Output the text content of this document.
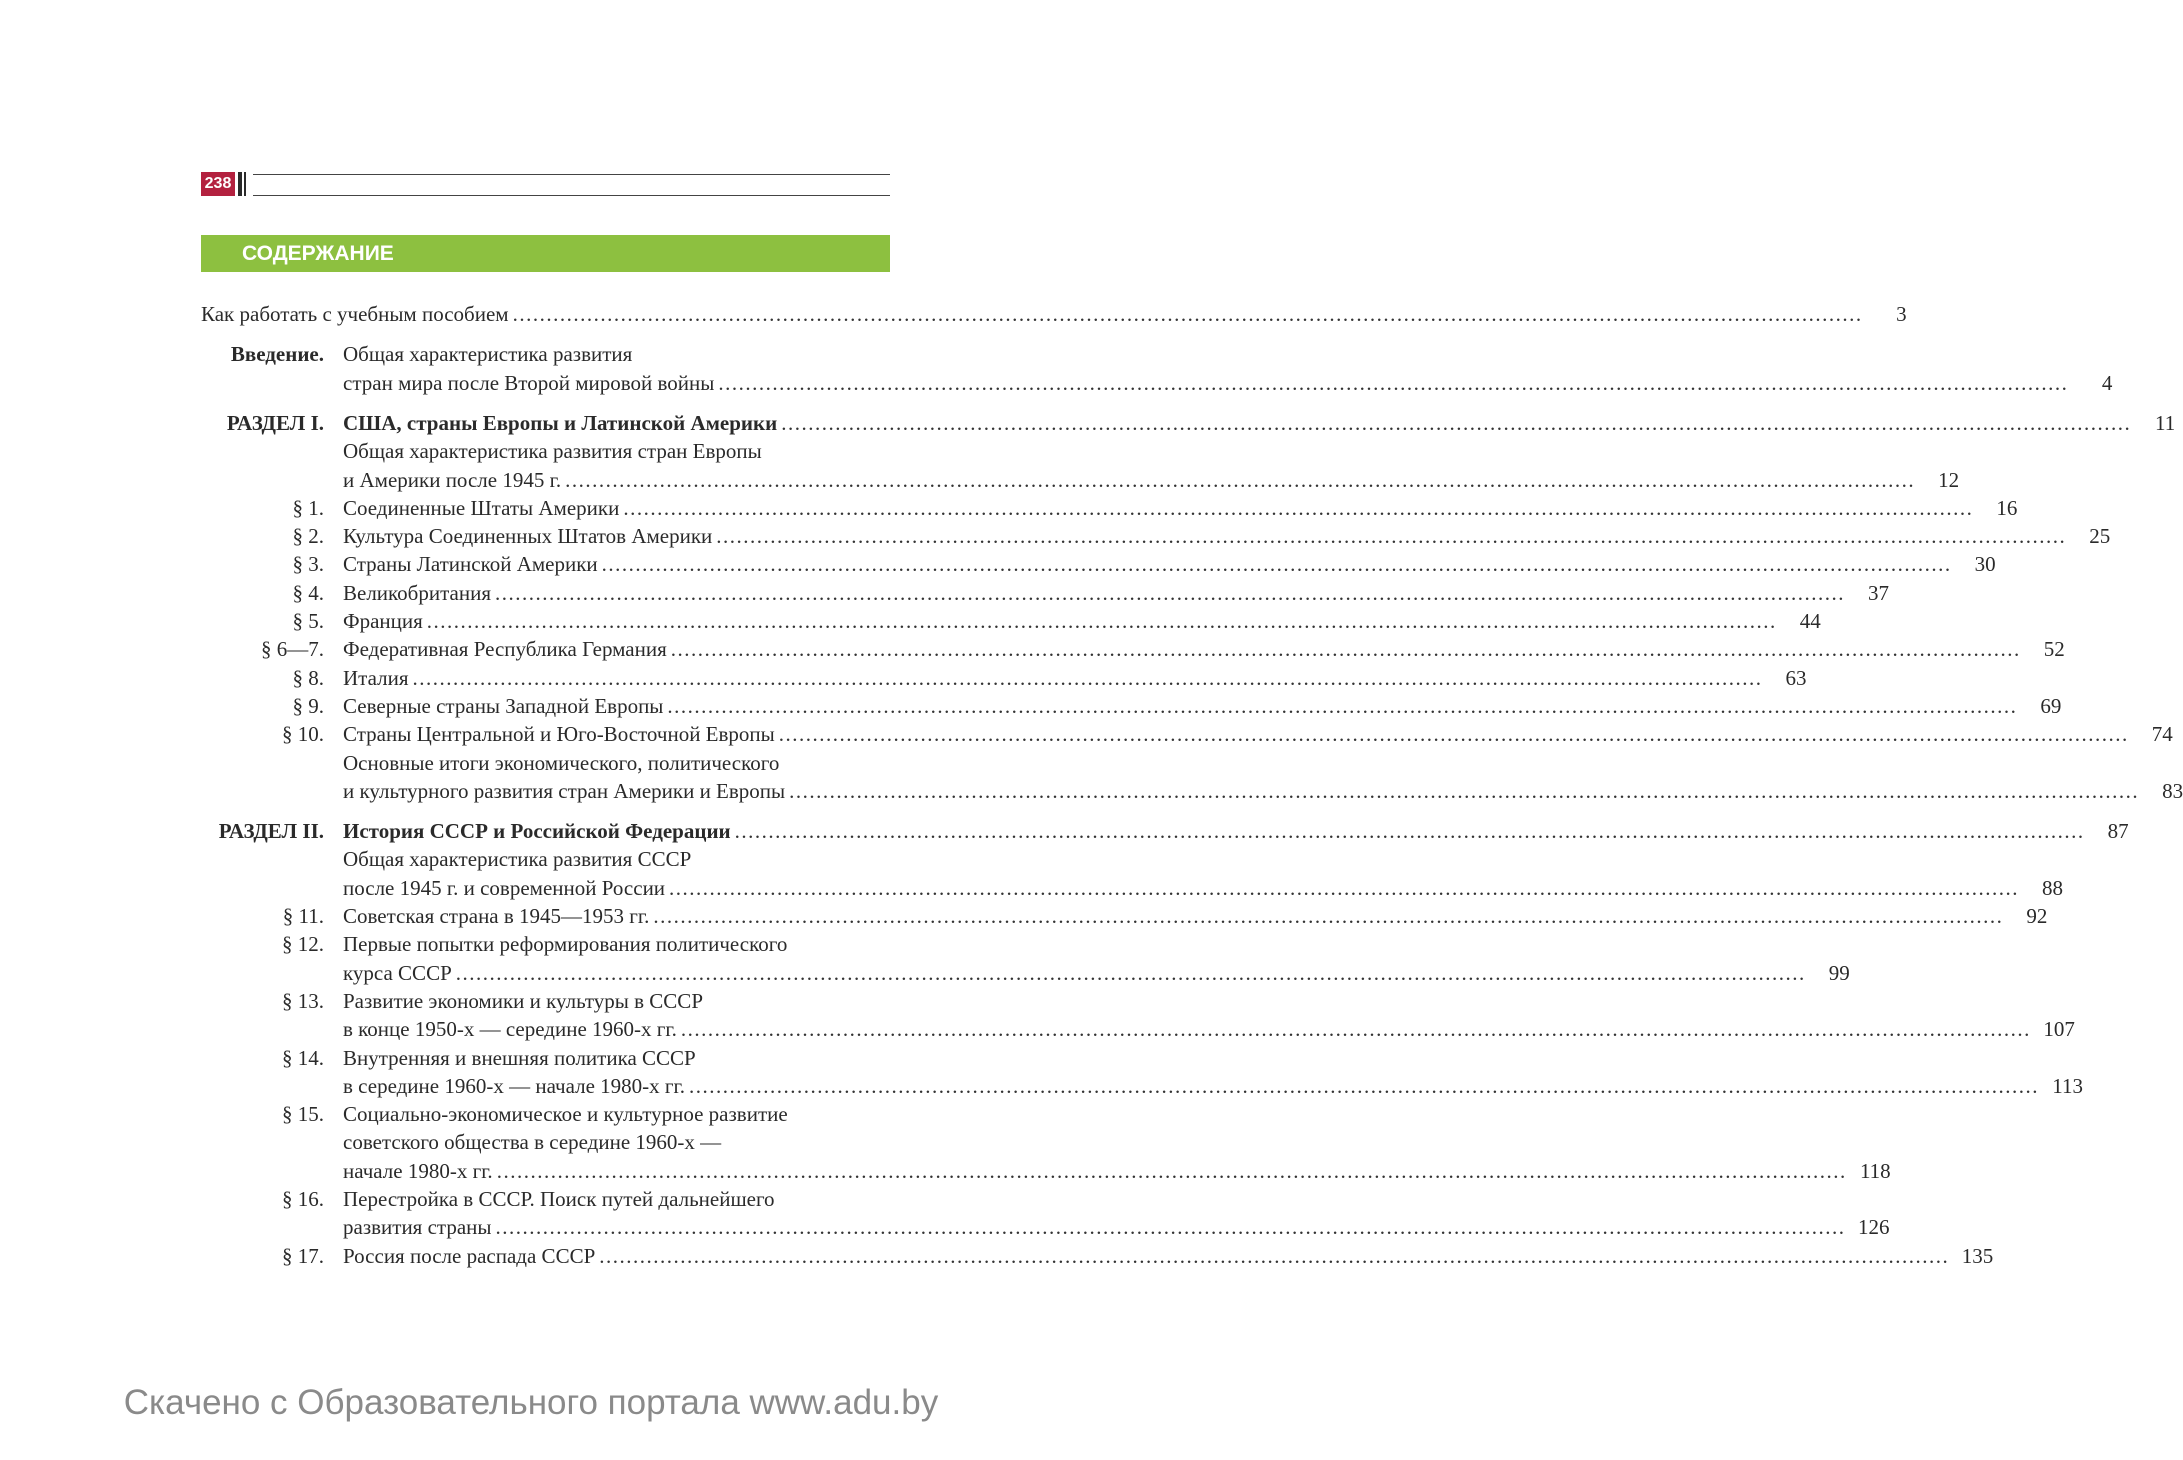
238
СОДЕРЖАНИЕ
Как работать с учебным пособием ........................................................................................................................................................................................................	3
Введение. Общая характеристика развития
стран мира после Второй мировой войны ........................................................................................................................................................................................................	4
РАЗДЕЛ I. США, страны Европы и Латинской Америки ........................................................................................................................................................................................................	11
Общая характеристика развития стран Европы
и Америки после 1945 г. ........................................................................................................................................................................................................	12
§ 1. Соединенные Штаты Америки ........................................................................................................................................................................................................	16
§ 2. Культура Соединенных Штатов Америки ........................................................................................................................................................................................................	25
§ 3. Страны Латинской Америки ........................................................................................................................................................................................................	30
§ 4. Великобритания ........................................................................................................................................................................................................	37
§ 5. Франция ........................................................................................................................................................................................................	44
§ 6—7. Федеративная Республика Германия ........................................................................................................................................................................................................	52
§ 8. Италия ........................................................................................................................................................................................................	63
§ 9. Северные страны Западной Европы ........................................................................................................................................................................................................	69
§ 10. Страны Центральной и Юго-Восточной Европы ........................................................................................................................................................................................................	74
Основные итоги экономического, политического
и культурного развития стран Америки и Европы ........................................................................................................................................................................................................	83
РАЗДЕЛ II. История СССР и Российской Федерации ........................................................................................................................................................................................................	87
Общая характеристика развития СССР
после 1945 г. и современной России ........................................................................................................................................................................................................	88
§ 11. Советская страна в 1945—1953 гг. ........................................................................................................................................................................................................	92
§ 12. Первые попытки реформирования политического
курса СССР ........................................................................................................................................................................................................	99
§ 13. Развитие экономики и культуры в СССР
в конце 1950-х — середине 1960-х гг. ........................................................................................................................................................................................................ 107
§ 14. Внутренняя и внешняя политика СССР
в середине 1960-х — начале 1980-х гг. ........................................................................................................................................................................................................ 113
§ 15. Социально-экономическое и культурное развитие
советского общества в середине 1960-х —
начале 1980-х гг. ........................................................................................................................................................................................................ 118
§ 16. Перестройка в СССР. Поиск путей дальнейшего
развития страны ........................................................................................................................................................................................................ 126
§ 17. Россия после распада СССР ........................................................................................................................................................................................................ 135
Скачено с Образовательного портала www.adu.by
